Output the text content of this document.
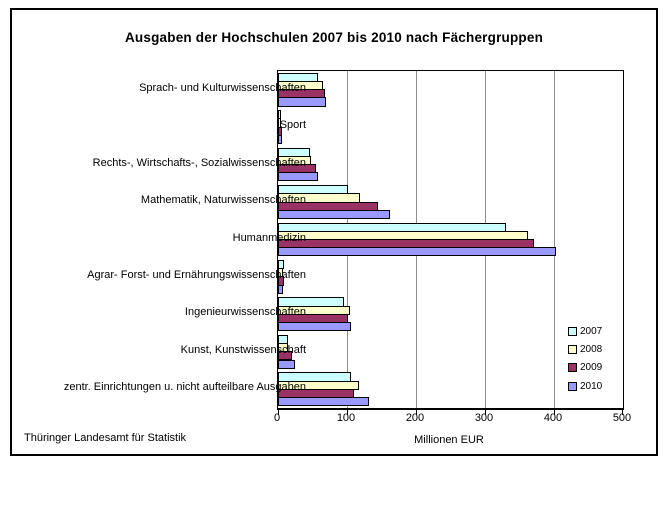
Ausgaben der Hochschulen 2007 bis 2010 nach Fächergruppen
Sprach- und Kulturwissenschaften
Sport
Rechts-, Wirtschafts-, Sozialwissenschaften
Mathematik, Naturwissenschaften
Humanmedizin
Agrar- Forst- und Ernährungswissenschaften
Ingenieurwissenschaften
Kunst, Kunstwissenschaft
zentr. Einrichtungen u. nicht aufteilbare Ausgaben
0	100	200	300	400	500
2007
2008
2009
2010
Millionen EUR
Thüringer Landesamt für Statistik
